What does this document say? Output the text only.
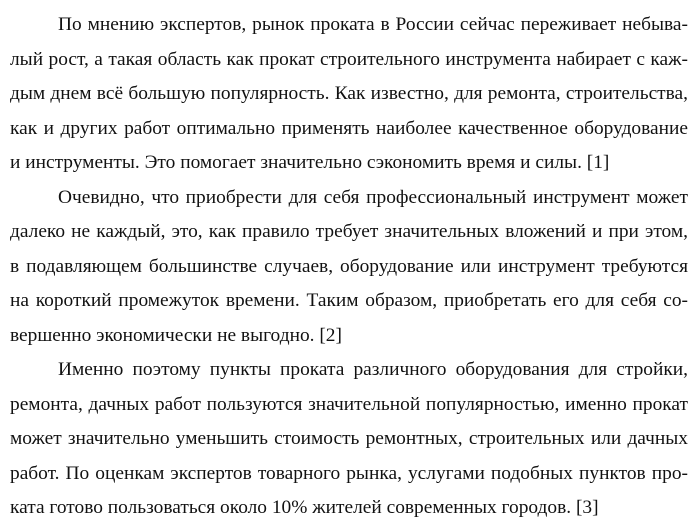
По мнению экспертов, рынок проката в России сейчас переживает небыва-
лый рост, а такая область как прокат строительного инструмента набирает с каж-
дым днем всё большую популярность. Как известно, для ремонта, строительства,
как и других работ оптимально применять наиболее качественное оборудование
и инструменты. Это помогает значительно сэкономить время и силы. [1]

Очевидно, что приобрести для себя профессиональный инструмент может
далеко не каждый, это, как правило требует значительных вложений и при этом,
в подавляющем большинстве случаев, оборудование или инструмент требуются
на короткий промежуток времени. Таким образом, приобретать его для себя со-
вершенно экономически не выгодно. [2]

Именно поэтому пункты проката различного оборудования для стройки,
ремонта, дачных работ пользуются значительной популярностью, именно прокат
может значительно уменьшить стоимость ремонтных, строительных или дачных
работ. По оценкам экспертов товарного рынка, услугами подобных пунктов про-
ката готово пользоваться около 10% жителей современных городов. [3]
